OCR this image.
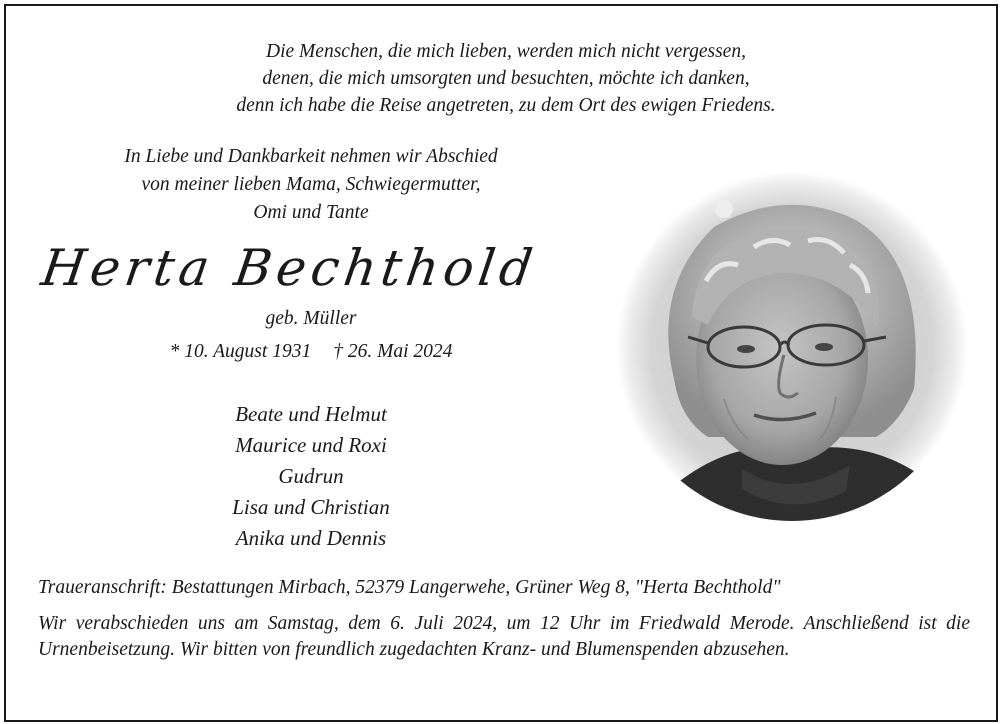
Die Menschen, die mich lieben, werden mich nicht vergessen,
denen, die mich umsorgten und besuchten, möchte ich danken,
denn ich habe die Reise angetreten, zu dem Ort des ewigen Friedens.
In Liebe und Dankbarkeit nehmen wir Abschied
von meiner lieben Mama, Schwiegermutter,
Omi und Tante
Herta Bechthold
geb. Müller
* 10. August 1931 † 26. Mai 2024
Beate und Helmut
Maurice und Roxi
Gudrun
Lisa und Christian
Anika und Dennis
Traueranschrift: Bestattungen Mirbach, 52379 Langerwehe, Grüner Weg 8, "Herta Bechthold"
Wir verabschieden uns am Samstag, dem 6. Juli 2024, um 12 Uhr im Friedwald Merode. Anschließend ist die Urnenbeisetzung. Wir bitten von freundlich zugedachten Kranz- und Blumenspenden abzusehen.
